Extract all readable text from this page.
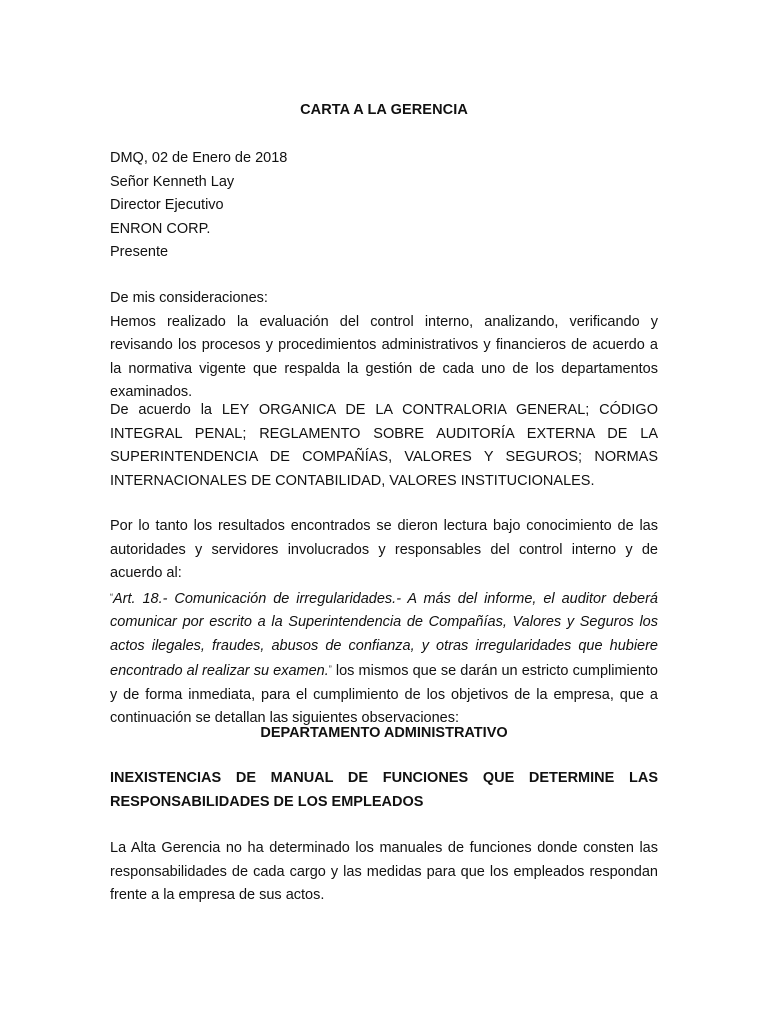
CARTA A LA GERENCIA
DMQ, 02 de Enero de 2018
Señor Kenneth Lay
Director Ejecutivo
ENRON CORP.
Presente
De mis consideraciones:
Hemos realizado la evaluación del control interno, analizando, verificando y revisando los procesos y procedimientos administrativos y financieros de acuerdo a la normativa vigente que respalda la gestión de cada uno de los departamentos examinados.
De acuerdo la LEY ORGANICA DE LA CONTRALORIA GENERAL; CÓDIGO INTEGRAL PENAL; REGLAMENTO SOBRE AUDITORÍA EXTERNA DE LA SUPERINTENDENCIA DE COMPAÑÍAS, VALORES Y SEGUROS; NORMAS INTERNACIONALES DE CONTABILIDAD, VALORES INSTITUCIONALES.
Por lo tanto los resultados encontrados se dieron lectura bajo conocimiento de las autoridades y servidores involucrados y responsables del control interno y de acuerdo al:
“Art. 18.- Comunicación de irregularidades.- A más del informe, el auditor deberá comunicar por escrito a la Superintendencia de Compañías, Valores y Seguros los actos ilegales, fraudes, abusos de confianza, y otras irregularidades que hubiere encontrado al realizar su examen.” los mismos que se darán un estricto cumplimiento y de forma inmediata, para el cumplimiento de los objetivos de la empresa, que a continuación se detallan las siguientes observaciones:
DEPARTAMENTO ADMINISTRATIVO
INEXISTENCIAS DE MANUAL DE FUNCIONES QUE DETERMINE LAS RESPONSABILIDADES DE LOS EMPLEADOS
La Alta Gerencia no ha determinado los manuales de funciones donde consten las responsabilidades de cada cargo y las medidas para que los empleados respondan frente a la empresa de sus actos.
